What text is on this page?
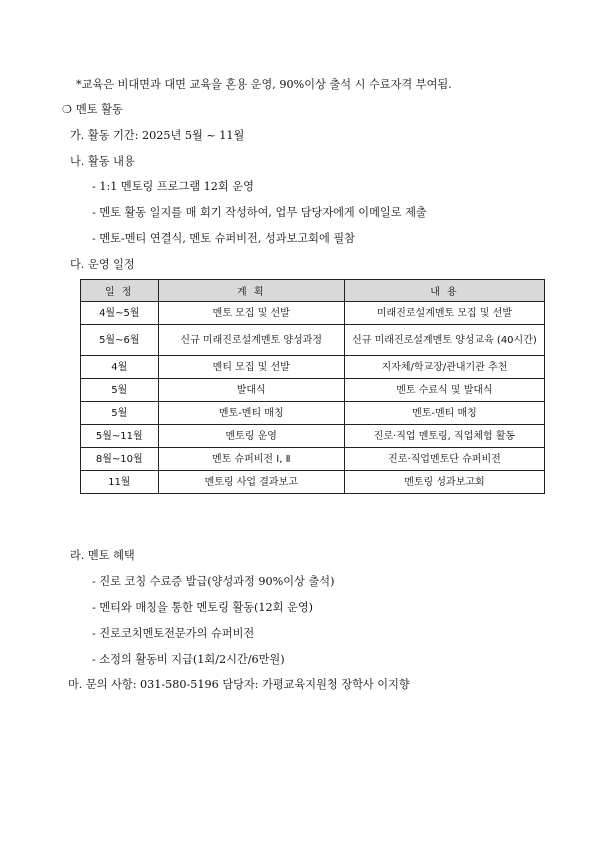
*교육은 비대면과 대면 교육을 혼용 운영, 90%이상 출석 시 수료자격 부여됨.
❍ 멘토 활동
가. 활동 기간: 2025년 5월 ~ 11월
나. 활동 내용
- 1:1 멘토링 프로그램 12회 운영
- 멘토 활동 일지를 매 회기 작성하여, 업무 담당자에게 이메일로 제출
- 멘토-멘티 연결식, 멘토 슈퍼비전, 성과보고회에 필참
다. 운영 일정
일 정	계 획	내 용
4월~5월	멘토 모집 및 선발	미래진로설계멘토 모집 및 선발
5월~6월	신규 미래진로설계멘토 양성과정	신규 미래진로설계멘토 양성교육 (40시간)
4월	멘티 모집 및 선발	지자체/학교장/관내기관 추천
5월	발대식	멘토 수료식 및 발대식
5월	멘토-멘티 매칭	멘토-멘티 매칭
5월~11월	멘토링 운영	진로·직업 멘토링, 직업체험 활동
8월~10월	멘토 슈퍼비전 Ⅰ, Ⅱ	진로·직업멘토단 슈퍼비전
11월	멘토링 사업 결과보고	멘토링 성과보고회
라. 멘토 혜택
- 진로 코칭 수료증 발급(양성과정 90%이상 출석)
- 멘티와 매칭을 통한 멘토링 활동(12회 운영)
- 진로코치멘토전문가의 슈퍼비전
- 소정의 활동비 지급(1회/2시간/6만원)
마. 문의 사항: 031-580-5196 담당자: 가평교육지원청 장학사 이지향
